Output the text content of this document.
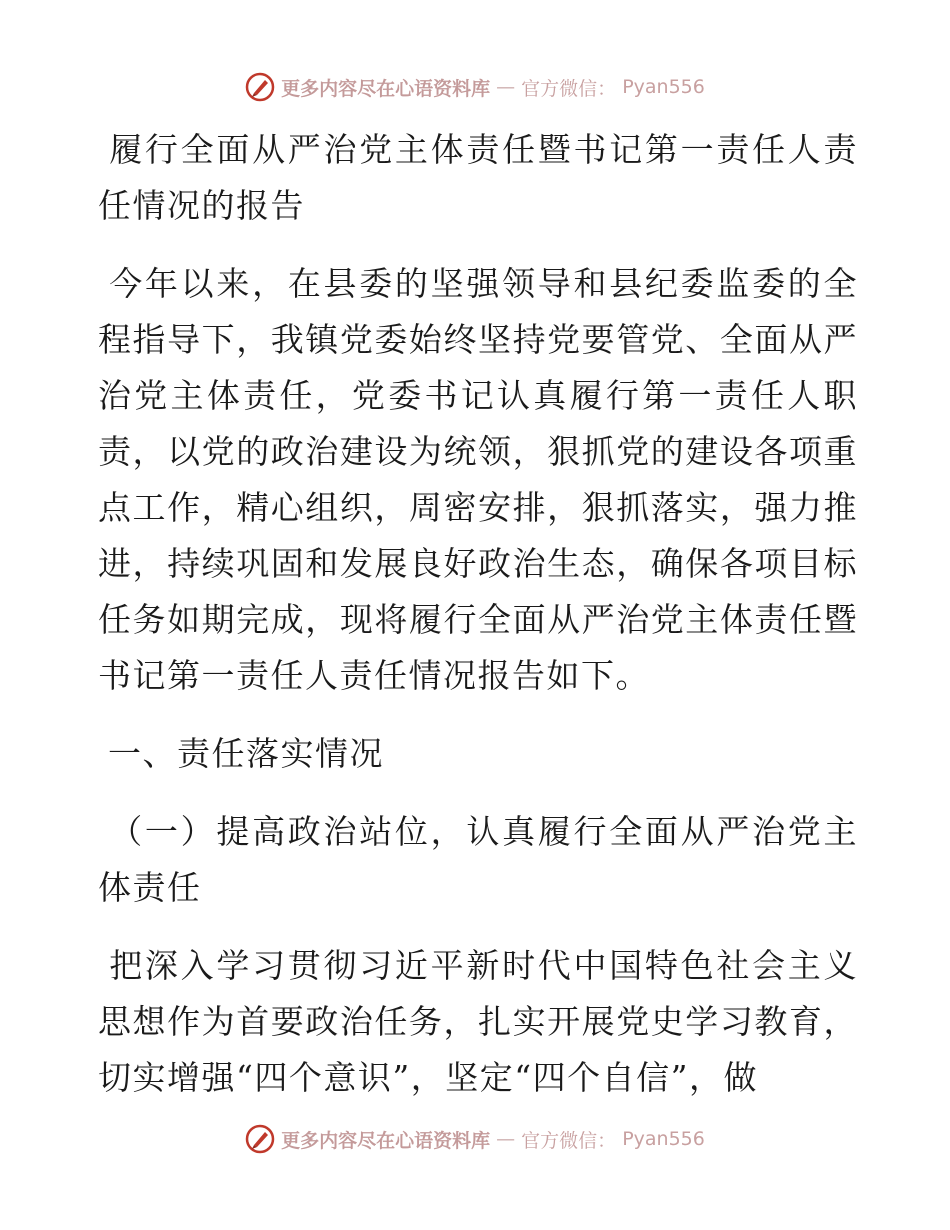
更多内容尽在心语资料库 — 官方微信： Pyan556

履行全面从严治党主体责任暨书记第一责任人责任情况的报告

今年以来，在县委的坚强领导和县纪委监委的全程指导下，我镇党委始终坚持党要管党、全面从严治党主体责任，党委书记认真履行第一责任人职责，以党的政治建设为统领，狠抓党的建设各项重点工作，精心组织，周密安排，狠抓落实，强力推进，持续巩固和发展良好政治生态，确保各项目标任务如期完成，现将履行全面从严治党主体责任暨书记第一责任人责任情况报告如下。

一、责任落实情况

（一）提高政治站位，认真履行全面从严治党主体责任

把深入学习贯彻习近平新时代中国特色社会主义思想作为首要政治任务，扎实开展党史学习教育，切实增强“四个意识”，坚定“四个自信”，做

更多内容尽在心语资料库 — 官方微信： Pyan556
